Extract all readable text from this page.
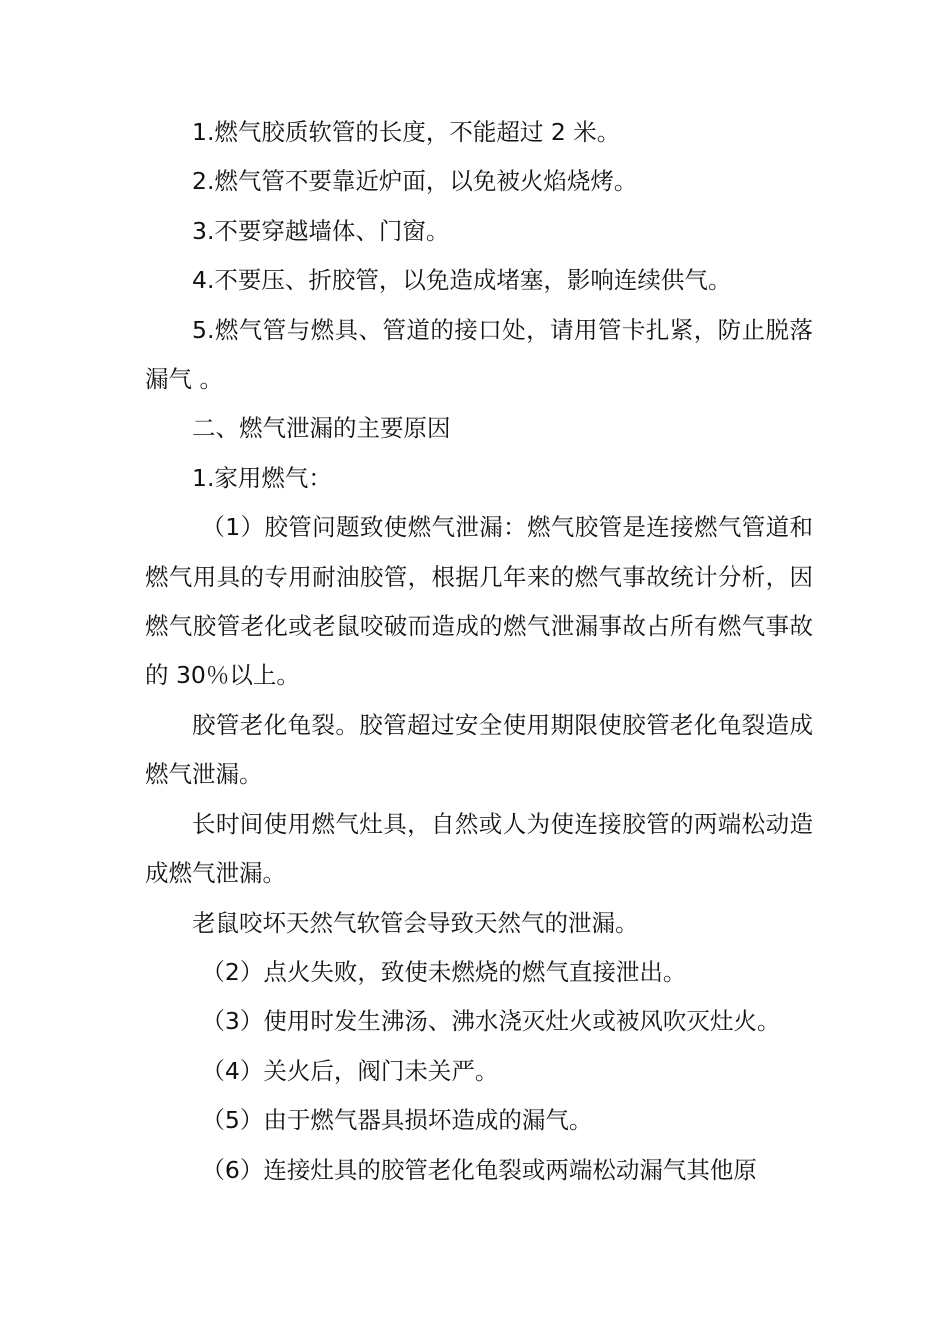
1.燃气胶质软管的长度，不能超过 2 米。

2.燃气管不要靠近炉面，以免被火焰烧烤。

3.不要穿越墙体、门窗。

4.不要压、折胶管，以免造成堵塞，影响连续供气。

5.燃气管与燃具、管道的接口处，请用管卡扎紧，防止脱落漏气 。

二、燃气泄漏的主要原因

1.家用燃气：

（1）胶管问题致使燃气泄漏：燃气胶管是连接燃气管道和燃气用具的专用耐油胶管，根据几年来的燃气事故统计分析，因燃气胶管老化或老鼠咬破而造成的燃气泄漏事故占所有燃气事故的 30％以上。

胶管老化龟裂。胶管超过安全使用期限使胶管老化龟裂造成燃气泄漏。

长时间使用燃气灶具，自然或人为使连接胶管的两端松动造成燃气泄漏。

老鼠咬坏天然气软管会导致天然气的泄漏。

（2）点火失败，致使未燃烧的燃气直接泄出。

（3）使用时发生沸汤、沸水浇灭灶火或被风吹灭灶火。

（4）关火后，阀门未关严。

（5）由于燃气器具损坏造成的漏气。

（6）连接灶具的胶管老化龟裂或两端松动漏气其他原
